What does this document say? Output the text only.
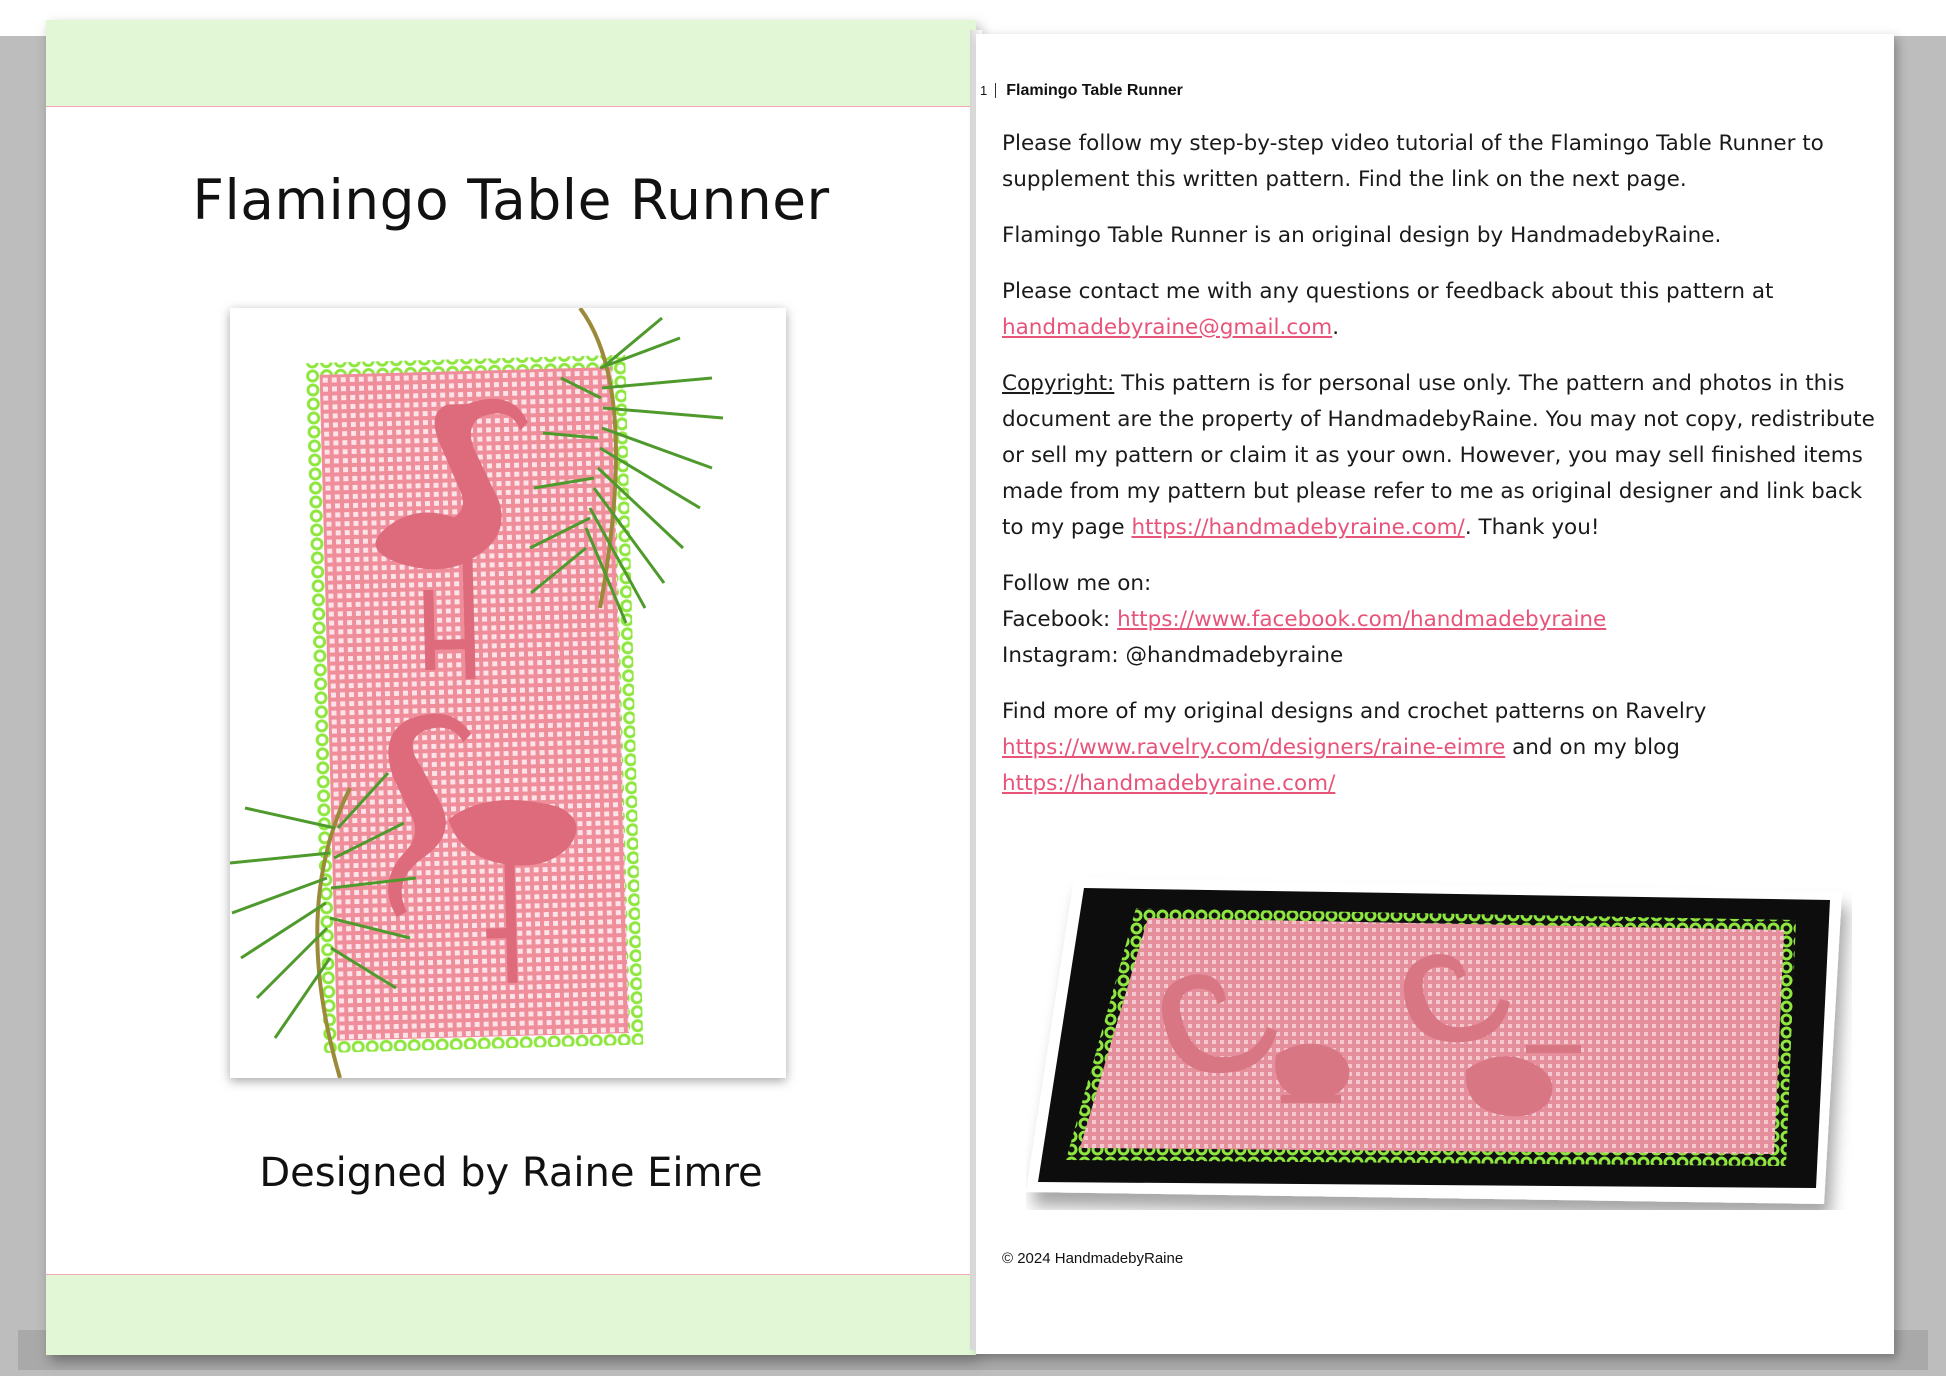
Flamingo Table Runner
Designed by Raine Eimre
1 Flamingo Table Runner

Please follow my step-by-step video tutorial of the Flamingo Table Runner to supplement this written pattern. Find the link on the next page.

Flamingo Table Runner is an original design by HandmadebyRaine.

Please contact me with any questions or feedback about this pattern at
handmadebyraine@gmail.com.

Copyright: This pattern is for personal use only. The pattern and photos in this document are the property of HandmadebyRaine. You may not copy, redistribute or sell my pattern or claim it as your own. However, you may sell finished items made from my pattern but please refer to me as original designer and link back to my page https://handmadebyraine.com/. Thank you!

Follow me on:
Facebook: https://www.facebook.com/handmadebyraine
Instagram: @handmadebyraine

Find more of my original designs and crochet patterns on Ravelry
https://www.ravelry.com/designers/raine-eimre and on my blog
https://handmadebyraine.com/

© 2024 HandmadebyRaine
